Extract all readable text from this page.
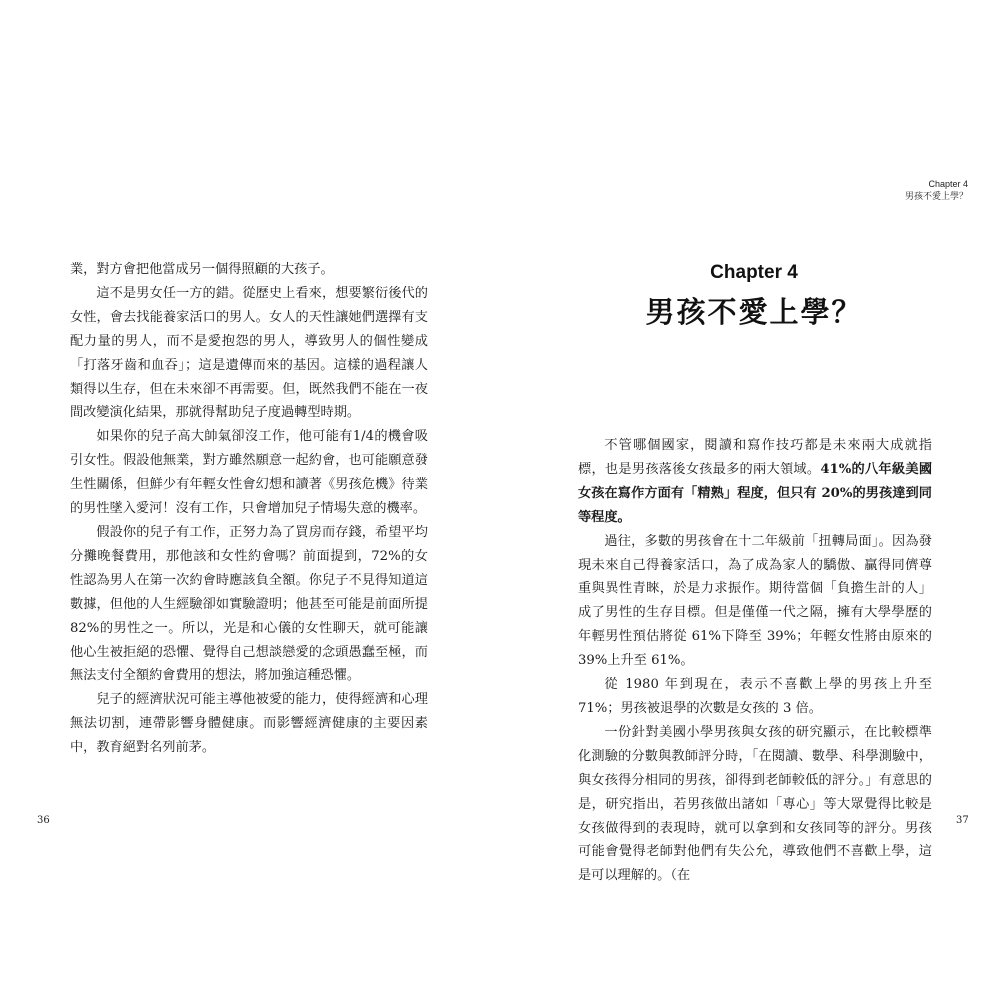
業，對方會把他當成另一個得照顧的大孩子。

這不是男女任一方的錯。從歷史上看來，想要繁衍後代的女性，會去找能養家活口的男人。女人的天性讓她們選擇有支配力量的男人，而不是愛抱怨的男人，導致男人的個性變成「打落牙齒和血吞」；這是遺傳而來的基因。這樣的過程讓人類得以生存，但在未來卻不再需要。但，既然我們不能在一夜間改變演化結果，那就得幫助兒子度過轉型時期。

如果你的兒子高大帥氣卻沒工作，他可能有1/4的機會吸引女性。假設他無業，對方雖然願意一起約會，也可能願意發生性關係，但鮮少有年輕女性會幻想和讀著《男孩危機》待業的男性墜入愛河！沒有工作，只會增加兒子情場失意的機率。

假設你的兒子有工作，正努力為了買房而存錢，希望平均分攤晚餐費用，那他該和女性約會嗎？前面提到，72%的女性認為男人在第一次約會時應該負全額。你兒子不見得知道這數據，但他的人生經驗卻如實驗證明；他甚至可能是前面所提 82%的男性之一。所以，光是和心儀的女性聊天，就可能讓他心生被拒絕的恐懼、覺得自己想談戀愛的念頭愚蠢至極，而無法支付全額約會費用的想法，將加強這種恐懼。

兒子的經濟狀況可能主導他被愛的能力，使得經濟和心理無法切割，連帶影響身體健康。而影響經濟健康的主要因素中，教育絕對名列前茅。

36
Chapter 4
男孩不愛上學？
Chapter 4
男孩不愛上學？

不管哪個國家，閱讀和寫作技巧都是未來兩大成就指標，也是男孩落後女孩最多的兩大領域。41%的八年級美國女孩在寫作方面有「精熟」程度，但只有 20%的男孩達到同等程度。

過往，多數的男孩會在十二年級前「扭轉局面」。因為發現未來自己得養家活口，為了成為家人的驕傲、贏得同儕尊重與異性青睞，於是力求振作。期待當個「負擔生計的人」成了男性的生存目標。但是僅僅一代之隔，擁有大學學歷的年輕男性預估將從 61%下降至 39%；年輕女性將由原來的 39%上升至 61%。

從 1980 年到現在，表示不喜歡上學的男孩上升至 71%；男孩被退學的次數是女孩的 3 倍。

一份針對美國小學男孩與女孩的研究顯示，在比較標準化測驗的分數與教師評分時，「在閱讀、數學、科學測驗中，與女孩得分相同的男孩，卻得到老師較低的評分。」有意思的是，研究指出，若男孩做出諸如「專心」等大眾覺得比較是女孩做得到的表現時，就可以拿到和女孩同等的評分。男孩可能會覺得老師對他們有失公允，導致他們不喜歡上學，這是可以理解的。（在

37
